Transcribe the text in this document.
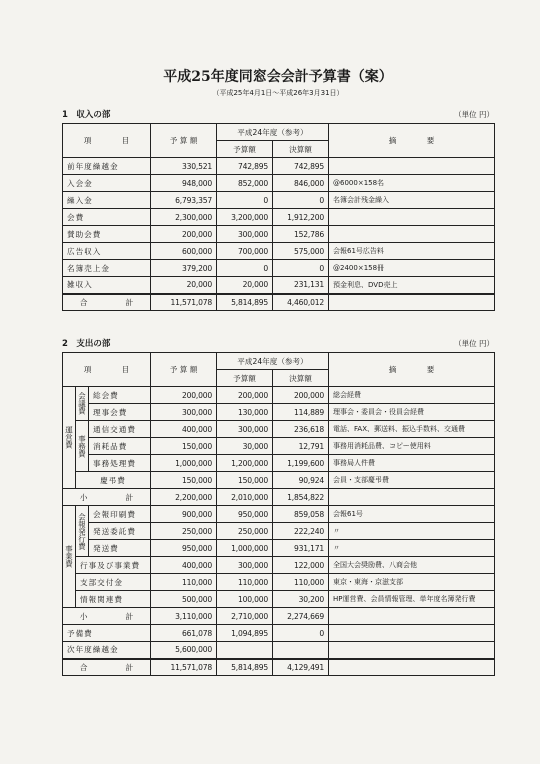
平成25年度同窓会会計予算書（案）
（平成25年4月1日〜平成26年3月31日）
1　収入の部	（単位 円）
項　　　　目	予 算 額	平成24年度（参考）		摘　　　　要
		予算額	決算額	
前年度繰越金	330,521	742,895	742,895	
入会金	948,000	852,000	846,000	@6000×158名
繰入金	6,793,357	0	0	名簿会計残金繰入
会費	2,300,000	3,200,000	1,912,200	
賛助会費	200,000	300,000	152,786	
広告収入	600,000	700,000	575,000	会報61号広告料
名簿売上金	379,200	0	0	@2400×158冊
雑収入	20,000	20,000	231,131	預金利息、DVD売上
合　　　　　計	11,571,078	5,814,895	4,460,012	
2　支出の部	（単位 円）
項　　　　目			予 算 額	平成24年度（参考）		摘　　　　要
				予算額	決算額	
運営費	会議費	総会費	200,000	200,000	200,000	総会経費
		理事会費	300,000	130,000	114,889	理事会・委員会・役員会経費
	事務費	通信交通費	400,000	300,000	236,618	電話、FAX、郵送料、振込手数料、交通費
		消耗品費	150,000	30,000	12,791	事務用消耗品費、コピー使用料
		事務処理費	1,000,000	1,200,000	1,199,600	事務局人件費
	慶弔費		150,000	150,000	90,924	会員・支部慶弔費
小　　　　　計			2,200,000	2,010,000	1,854,822	
事業費	会報発行費	会報印刷費	900,000	950,000	859,058	会報61号
		発送委託費	250,000	250,000	222,240	〃
		発送費	950,000	1,000,000	931,171	〃
	行事及び事業費		400,000	300,000	122,000	全国大会奨励費、八商会他
	支部交付金		110,000	110,000	110,000	東京・東海・京滋支部
	情報関連費		500,000	100,000	30,200	HP運営費、会員情報管理、単年度名簿発行費
小　　　　　計			3,110,000	2,710,000	2,274,669	
予備費			661,078	1,094,895	0	
次年度繰越金			5,600,000			
合　　　　　計			11,571,078	5,814,895	4,129,491	
